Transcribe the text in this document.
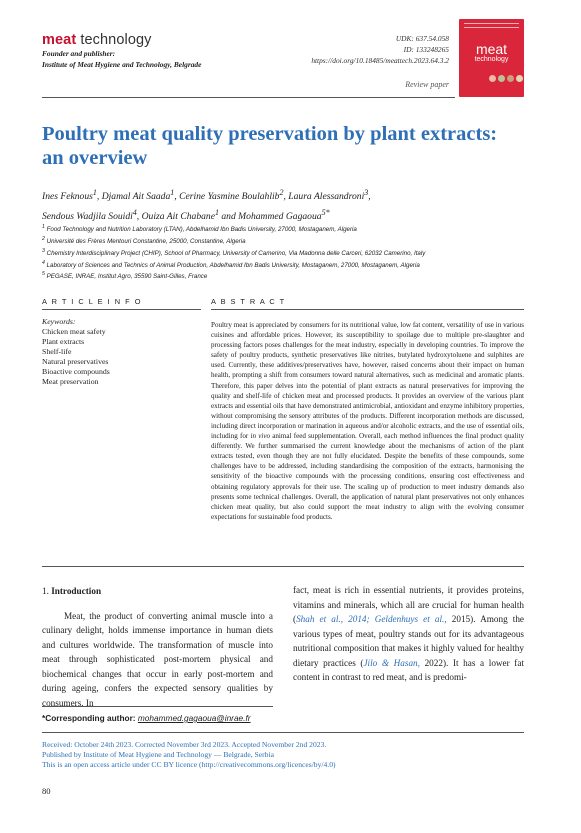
meat technology
Founder and publisher:
Institute of Meat Hygiene and Technology, Belgrade
UDK: 637.54.058
ID: 133248265
https://doi.org/10.18485/meattech.2023.64.3.2
meat
technology
Review paper
Poultry meat quality preservation by plant extracts:
an overview
Ines Feknous$^1$, Djamal Ait Saada$^1$, Cerine Yasmine Boulahlib$^2$, Laura Alessandroni$^3$,
Sendous Wadjila Souidi$^4$, Ouiza Ait Chabane$^1$ and Mohammed Gagaoua$^{5*}$

$^1$ Food Technology and Nutrition Laboratory (LTAN), Abdelhamid Ibn Badis University, 27000, Mostaganem, Algeria

$^2$ Université des Frères Mentouri Constantine, 25000, Constantine, Algeria

$^3$ Chemistry Interdisciplinary Project (CHIP), School of Pharmacy, University of Camerino, Via Madonna delle Carceri, 62032 Camerino, Italy

$^4$ Laboratory of Sciences and Technics of Animal Production, Abdelhamid Ibn Badis University, Mostaganem, 27000, Mostaganem, Algeria

$^5$ PEGASE, INRAE, Institut Agro, 35590 Saint-Gilles, France

A R T I C L E I N F O	A B S T R A C T
Keywords:
Chicken meat safety
Plant extracts
Shelf-life
Natural preservatives
Bioactive compounds
Meat preservation
Poultry meat is appreciated by consumers for its nutritional value, low fat content, versatility of use in various cuisines and affordable prices. However, its susceptibility to spoilage due to multiple pre-slaughter and processing factors poses challenges for the meat industry, especially in developing countries. To improve the safety of poultry products, synthetic preservatives like nitrites, butylated hydroxytoluene and sulphites are used. Currently, these additives/preservatives have, however, raised concerns about their impact on human health, prompting a shift from consumers toward natural alternatives, such as medicinal and aromatic plants. Therefore, this paper delves into the potential of plant extracts as natural preservatives for improving the quality and shelf-life of chicken meat and processed products. It provides an overview of the various plant extracts and essential oils that have demonstrated antimicrobial, antioxidant and enzyme inhibitory properties, without compromising the sensory attributes of the products. Different incorporation methods are discussed, including direct incorporation or marination in aqueous and/or alcoholic extracts, and the use of essential oils, including for in vivo animal feed supplementation. Overall, each method influences the final product quality differently. We further summarised the current knowledge about the mechanisms of action of the plant extracts tested, even though they are not fully elucidated. Despite the benefits of these compounds, some challenges have to be addressed, including standardising the composition of the extracts, harmonising the sensitivity of the bioactive compounds with the processing conditions, ensuring cost effectiveness and obtaining regulatory approvals for their use. The scaling up of production to meet industry demands also presents some technical challenges. Overall, the application of natural plant preservatives not only enhances chicken meat quality, but also could support the meat industry to align with the evolving consumer expectations for sustainable food products.

1. Introduction

Meat, the product of converting animal muscle into a culinary delight, holds immense importance in human diets and cultures worldwide. The transformation of muscle into meat through sophisticated post-mortem physical and biochemical changes that occur in early post-mortem and during ageing, confers the expected sensory qualities by consumers. In

fact, meat is rich in essential nutrients, it provides proteins, vitamins and minerals, which all are crucial for human health (Shah et al., 2014; Geldenhuys et al., 2015). Among the various types of meat, poultry stands out for its advantageous nutritional composition that makes it highly valued for healthy dietary practices (Jilo & Hasan, 2022). It has a lower fat content in contrast to red meat, and is predomi-

*Corresponding author: mohammed.gagaoua@inrae.fr

Received: October 24th 2023. Corrected November 3rd 2023. Accepted November 2nd 2023.

Published by Institute of Meat Hygiene and Technology — Belgrade, Serbia

This is an open access article under CC BY licence (http://creativecommons.org/licences/by/4.0)

80
